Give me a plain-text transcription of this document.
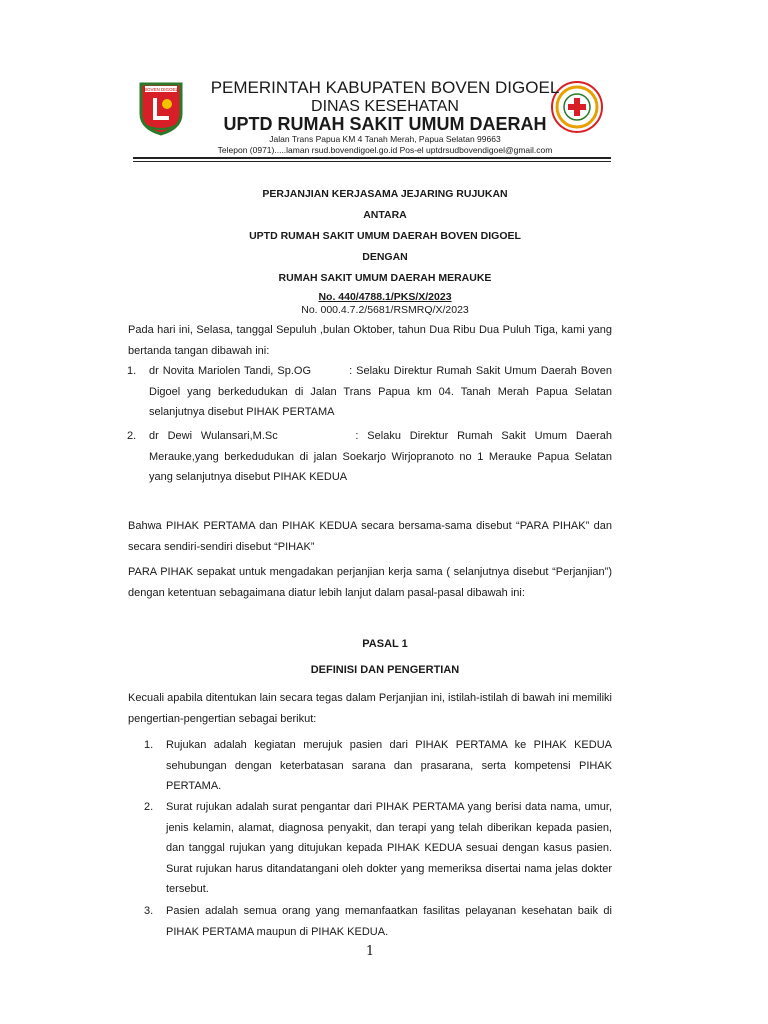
BOVEN DIGOEL	PEMERINTAH KABUPATEN BOVEN DIGOEL
DINAS KESEHATAN
UPTD RUMAH SAKIT UMUM DAERAH
Jalan Trans Papua KM 4 Tanah Merah, Papua Selatan 99663
Telepon (0971).....laman rsud.bovendigoel.go.id Pos-el uptdrsudbovendigoel@gmail.com
PERJANJIAN KERJASAMA JEJARING RUJUKAN
ANTARA
UPTD RUMAH SAKIT UMUM DAERAH BOVEN DIGOEL
DENGAN
RUMAH SAKIT UMUM DAERAH MERAUKE
No. 440/4788.1/PKS/X/2023
No. 000.4.7.2/5681/RSMRQ/X/2023
Pada hari ini, Selasa, tanggal Sepuluh ,bulan Oktober, tahun Dua Ribu Dua Puluh Tiga, kami yang bertanda tangan dibawah ini:
1. dr Novita Mariolen Tandi, Sp.OG	: Selaku Direktur Rumah Sakit Umum Daerah Boven Digoel yang berkedudukan di Jalan Trans Papua km 04. Tanah Merah Papua Selatan selanjutnya disebut PIHAK PERTAMA
2. dr Dewi Wulansari,M.Sc	: Selaku Direktur Rumah Sakit Umum Daerah Merauke,yang berkedudukan di jalan Soekarjo Wirjopranoto no 1 Merauke Papua Selatan yang selanjutnya disebut PIHAK KEDUA
Bahwa PIHAK PERTAMA dan PIHAK KEDUA secara bersama-sama disebut “PARA PIHAK” dan secara sendiri-sendiri disebut “PIHAK”
PARA PIHAK sepakat untuk mengadakan perjanjian kerja sama ( selanjutnya disebut “Perjanjian”) dengan ketentuan sebagaimana diatur lebih lanjut dalam pasal-pasal dibawah ini:
PASAL 1
DEFINISI DAN PENGERTIAN
Kecuali apabila ditentukan lain secara tegas dalam Perjanjian ini, istilah-istilah di bawah ini memiliki pengertian-pengertian sebagai berikut:
1. Rujukan adalah kegiatan merujuk pasien dari PIHAK PERTAMA ke PIHAK KEDUA sehubungan dengan keterbatasan sarana dan prasarana, serta kompetensi PIHAK PERTAMA.
2. Surat rujukan adalah surat pengantar dari PIHAK PERTAMA yang berisi data nama, umur, jenis kelamin, alamat, diagnosa penyakit, dan terapi yang telah diberikan kepada pasien, dan tanggal rujukan yang ditujukan kepada PIHAK KEDUA sesuai dengan kasus pasien. Surat rujukan harus ditandatangani oleh dokter yang memeriksa disertai nama jelas dokter tersebut.
3. Pasien adalah semua orang yang memanfaatkan fasilitas pelayanan kesehatan baik di PIHAK PERTAMA maupun di PIHAK KEDUA.
1
